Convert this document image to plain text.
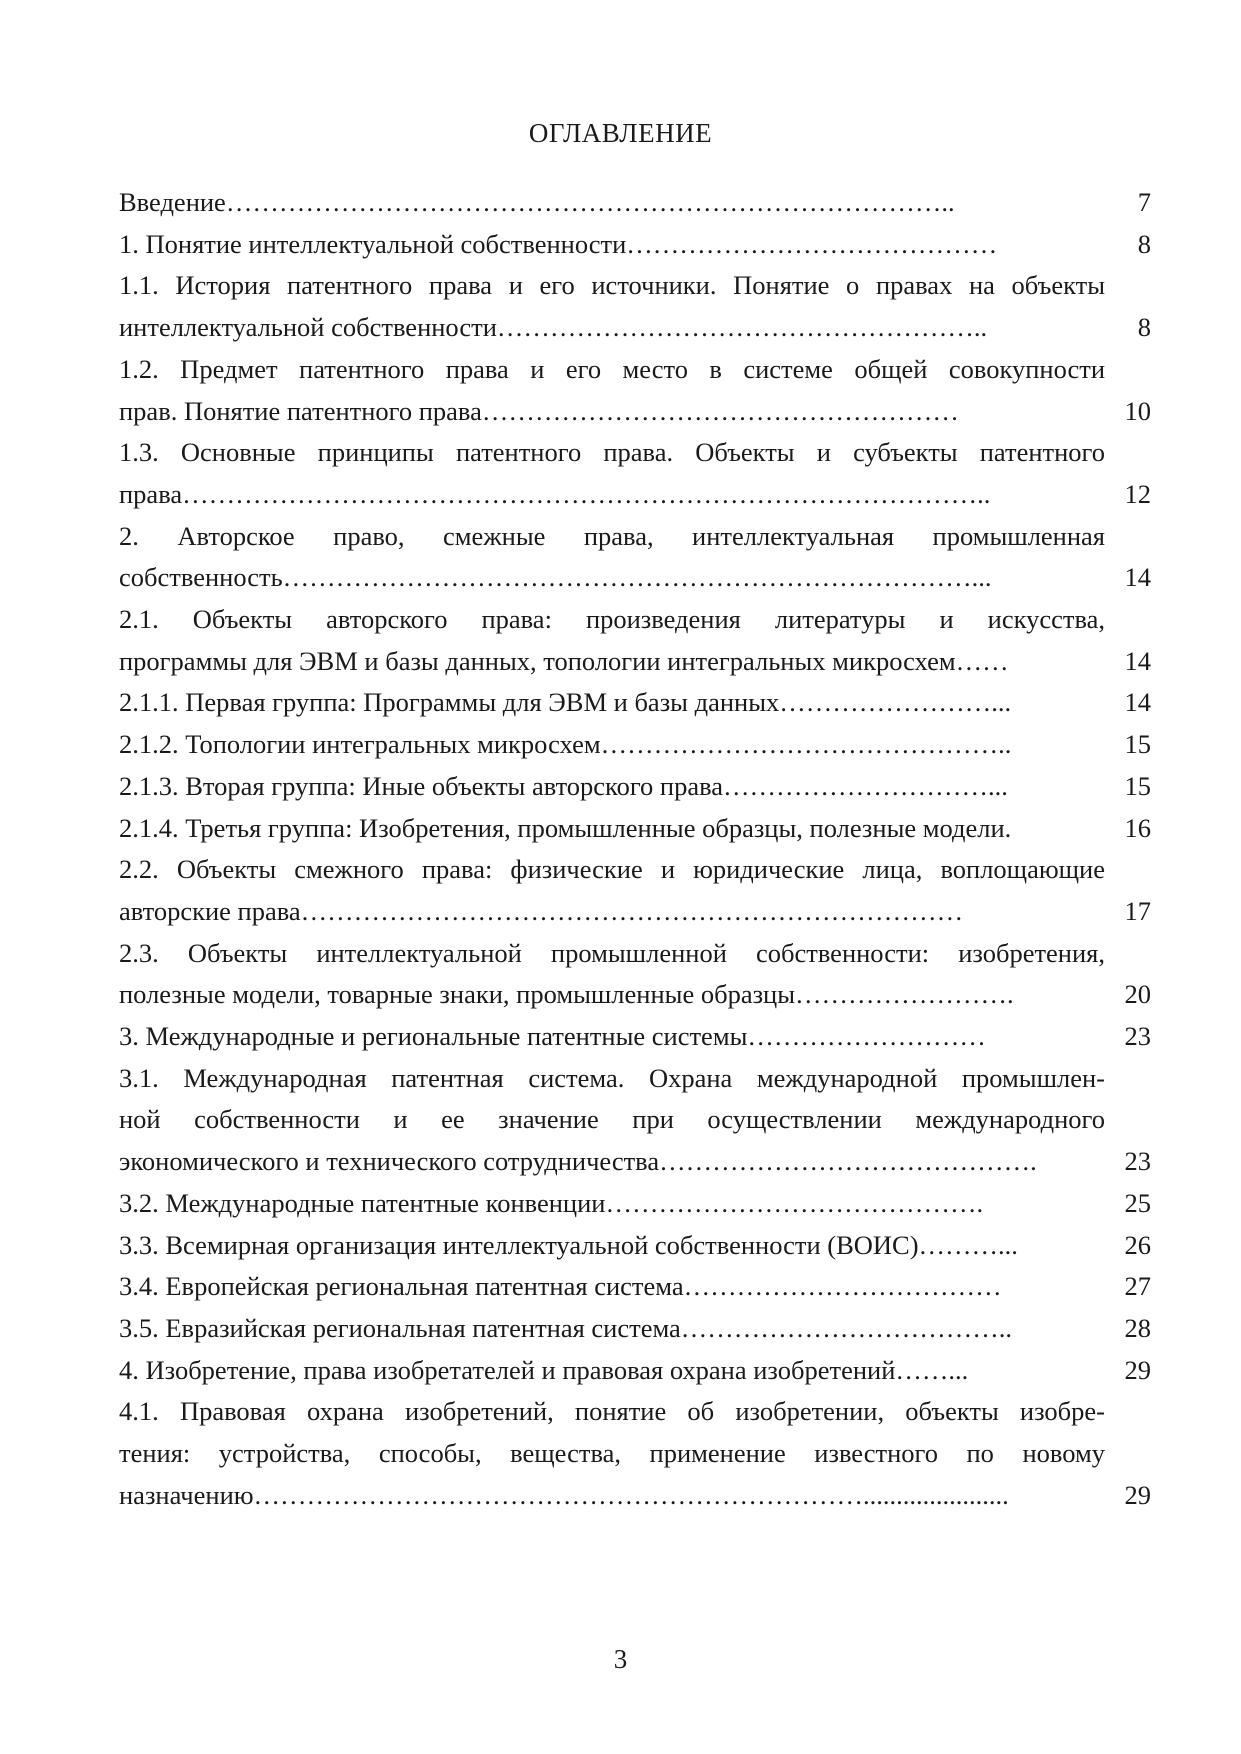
ОГЛАВЛЕНИЕ
Введение………………………………………………………………………..	7
1. Понятие интеллектуальной собственности……………………………………	8
1.1. История патентного права и его источники. Понятие о правах на объекты
интеллектуальной собственности………………………………………………..	8
1.2. Предмет патентного права и его место в системе общей совокупности
прав. Понятие патентного права………………………………………………	10
1.3. Основные принципы патентного права. Объекты и субъекты патентного
права………………………………………………………………………………..	12
2. Авторское право, смежные права, интеллектуальная промышленная
собственность……………………………………………………………………...	14
2.1. Объекты авторского права: произведения литературы и искусства,
программы для ЭВМ и базы данных, топологии интегральных микросхем……	14
2.1.1. Первая группа: Программы для ЭВМ и базы данных……………………...	14
2.1.2. Топологии интегральных микросхем………………………………………..	15
2.1.3. Вторая группа: Иные объекты авторского права…………………………...	15
2.1.4. Третья группа: Изобретения, промышленные образцы, полезные модели.	16
2.2. Объекты смежного права: физические и юридические лица, воплощающие
авторские права…………………………………………………………………	17
2.3. Объекты интеллектуальной промышленной собственности: изобретения,
полезные модели, товарные знаки, промышленные образцы…………………….	20
3. Международные и региональные патентные системы………………………	23
3.1. Международная патентная система. Охрана международной промышлен-
ной собственности и ее значение при осуществлении международного
экономического и технического сотрудничества…………………………………….	23
3.2. Международные патентные конвенции…………………………………….	25
3.3. Всемирная организация интеллектуальной собственности (ВОИС)………...	26
3.4. Европейская региональная патентная система………………………………	27
3.5. Евразийская региональная патентная система………………………………..	28
4. Изобретение, права изобретателей и правовая охрана изобретений……...	29
4.1. Правовая охрана изобретений, понятие об изобретении, объекты изобре-
тения: устройства, способы, вещества, применение известного по новому
назначению……………………………………………………………......................	29
3
